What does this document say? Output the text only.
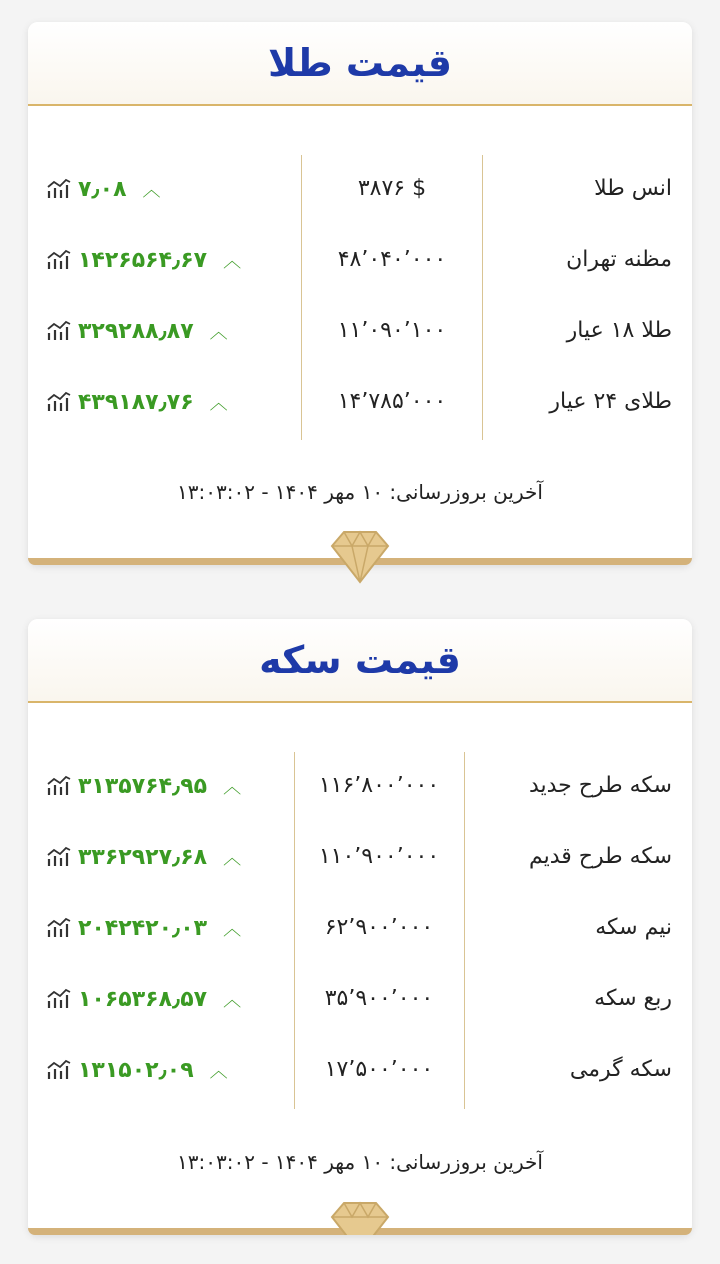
قیمت طلا
انس طلا
۳۸۷۶ $
۷٫۰۸ ︿
مظنه تهران
۴۸٬۰۴۰٬۰۰۰
۱۴۲۶۵۶۴٫۶۷ ︿
طلا ۱۸ عیار
۱۱٬۰۹۰٬۱۰۰
۳۲۹۲۸۸٫۸۷ ︿
طلای ۲۴ عیار
۱۴٬۷۸۵٬۰۰۰
۴۳۹۱۸۷٫۷۶ ︿
آخرین بروزرسانی: ۱۰ مهر ۱۴۰۴ - ۱۳:۰۳:۰۲
قیمت سکه
سکه طرح جدید
۱۱۶٬۸۰۰٬۰۰۰
۳۱۳۵۷۶۴٫۹۵ ︿
سکه طرح قدیم
۱۱۰٬۹۰۰٬۰۰۰
۳۳۶۲۹۲۷٫۶۸ ︿
نیم سکه
۶۲٬۹۰۰٬۰۰۰
۲۰۴۲۴۲۰٫۰۳ ︿
ربع سکه
۳۵٬۹۰۰٬۰۰۰
۱۰۶۵۳۶۸٫۵۷ ︿
سکه گرمی
۱۷٬۵۰۰٬۰۰۰
۱۳۱۵۰۲٫۰۹ ︿
آخرین بروزرسانی: ۱۰ مهر ۱۴۰۴ - ۱۳:۰۳:۰۲
